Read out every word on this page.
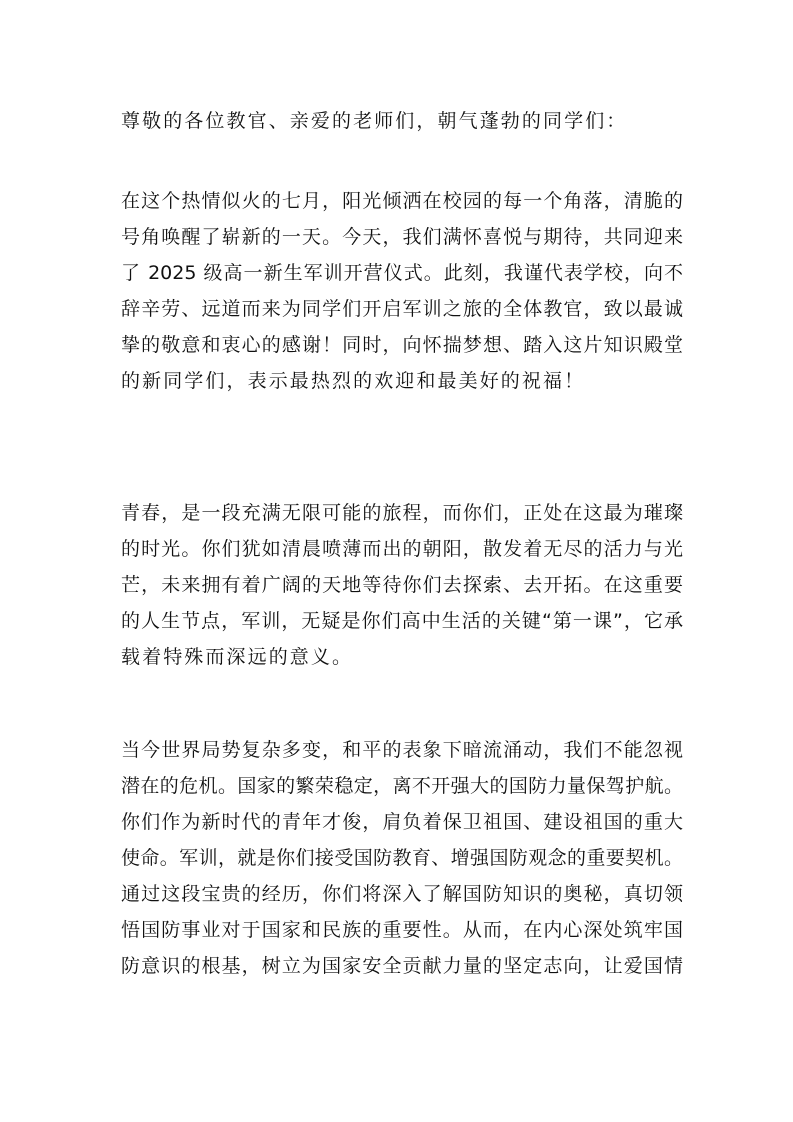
尊敬的各位教官、亲爱的老师们，朝气蓬勃的同学们：
在这个热情似火的七月，阳光倾洒在校园的每一个角落，清脆的
号角唤醒了崭新的一天。今天，我们满怀喜悦与期待，共同迎来
了 2025 级高一新生军训开营仪式。此刻，我谨代表学校，向不
辞辛劳、远道而来为同学们开启军训之旅的全体教官，致以最诚
挚的敬意和衷心的感谢！同时，向怀揣梦想、踏入这片知识殿堂
的新同学们，表示最热烈的欢迎和最美好的祝福！
青春，是一段充满无限可能的旅程，而你们，正处在这最为璀璨
的时光。你们犹如清晨喷薄而出的朝阳，散发着无尽的活力与光
芒，未来拥有着广阔的天地等待你们去探索、去开拓。在这重要
的人生节点，军训，无疑是你们高中生活的关键“第一课”，它承
载着特殊而深远的意义。
当今世界局势复杂多变，和平的表象下暗流涌动，我们不能忽视
潜在的危机。国家的繁荣稳定，离不开强大的国防力量保驾护航。
你们作为新时代的青年才俊，肩负着保卫祖国、建设祖国的重大
使命。军训，就是你们接受国防教育、增强国防观念的重要契机。
通过这段宝贵的经历，你们将深入了解国防知识的奥秘，真切领
悟国防事业对于国家和民族的重要性。从而，在内心深处筑牢国
防意识的根基，树立为国家安全贡献力量的坚定志向，让爱国情
